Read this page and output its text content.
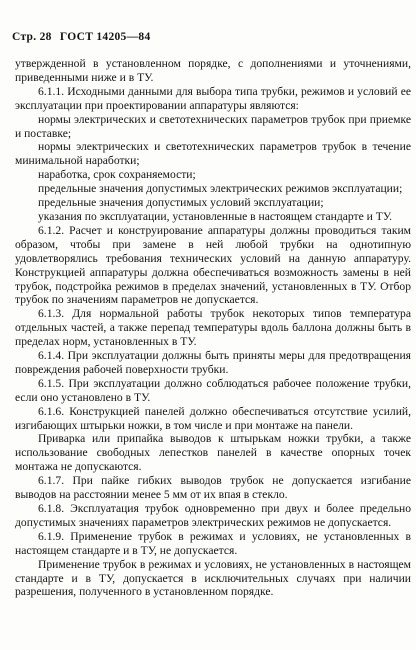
Стр. 28 ГОСТ 14205—84

утвержденной в установленном порядке, с дополнениями и уточнениями, приведенными ниже и в ТУ.

6.1.1. Исходными данными для выбора типа трубки, режимов и условий ее эксплуатации при проектировании аппаратуры являются:

нормы электрических и светотехнических параметров трубок при приемке и поставке;

нормы электрических и светотехнических параметров трубок в течение минимальной наработки;

наработка, срок сохраняемости;

предельные значения допустимых электрических режимов эксплуатации;

предельные значения допустимых условий эксплуатации;

указания по эксплуатации, установленные в настоящем стандарте и ТУ.

6.1.2. Расчет и конструирование аппаратуры должны проводиться таким образом, чтобы при замене в ней любой трубки на однотипную удовлетворялись требования технических условий на данную аппаратуру. Конструкцией аппаратуры должна обеспечиваться возможность замены в ней трубок, подстройка режимов в пределах значений, установленных в ТУ. Отбор трубок по значениям параметров не допускается.

6.1.3. Для нормальной работы трубок некоторых типов температура отдельных частей, а также перепад температуры вдоль баллона должны быть в пределах норм, установленных в ТУ.

6.1.4. При эксплуатации должны быть приняты меры для предотвращения повреждения рабочей поверхности трубки.

6.1.5. При эксплуатации должно соблюдаться рабочее положение трубки, если оно установлено в ТУ.

6.1.6. Конструкцией панелей должно обеспечиваться отсутствие усилий, изгибающих штырьки ножки, в том числе и при монтаже на панели.

Приварка или припайка выводов к штырькам ножки трубки, а также использование свободных лепестков панелей в качестве опорных точек монтажа не допускаются.

6.1.7. При пайке гибких выводов трубок не допускается изгибание выводов на расстоянии менее 5 мм от их впая в стекло.

6.1.8. Эксплуатация трубок одновременно при двух и более предельно допустимых значениях параметров электрических режимов не допускается.

6.1.9. Применение трубок в режимах и условиях, не установленных в настоящем стандарте и в ТУ, не допускается.

Применение трубок в режимах и условиях, не установленных в настоящем стандарте и в ТУ, допускается в исключительных случаях при наличии разрешения, полученного в установленном порядке.
